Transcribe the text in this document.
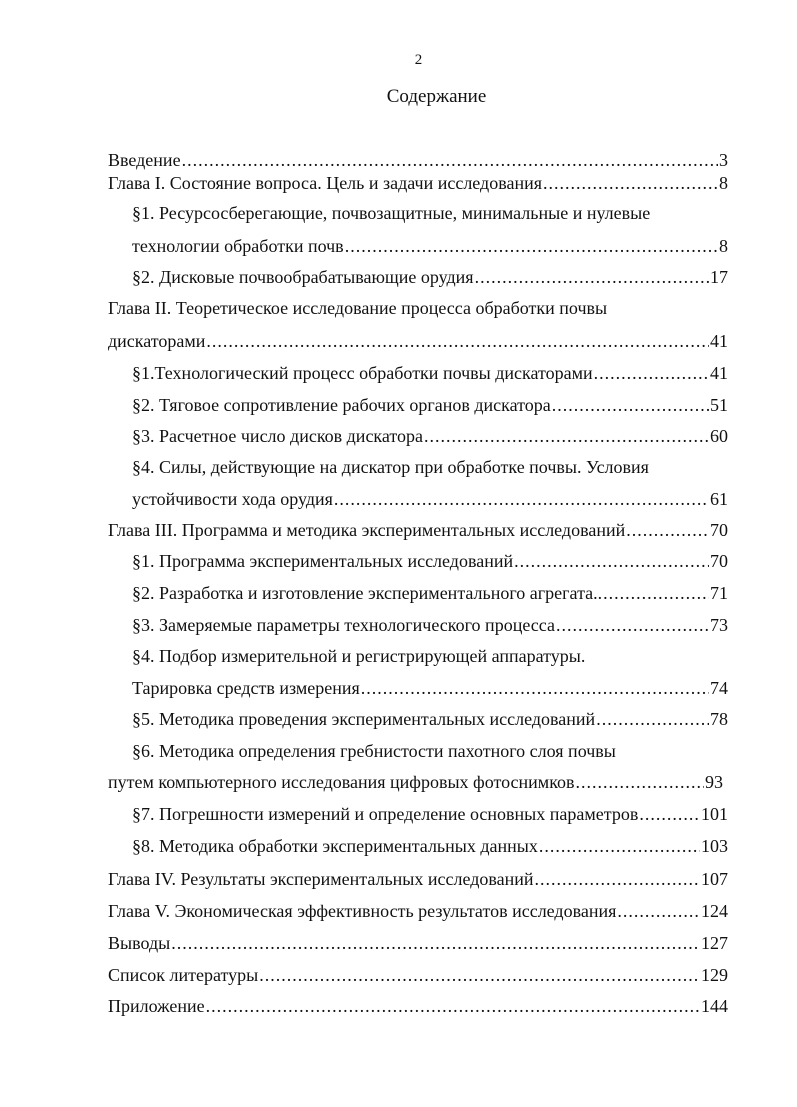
2
Содержание
Введение .....	3
Глава I. Состояние вопроса. Цель и задачи исследования .....	8
§1. Ресурсосберегающие, почвозащитные, минимальные и нулевые
технологии обработки почв .....	8
§2. Дисковые почвообрабатывающие орудия .....	17
Глава II. Теоретическое исследование процесса обработки почвы
дискаторами .....	41
§1.Технологический процесс обработки почвы дискаторами .....	41
§2. Тяговое сопротивление рабочих органов дискатора .....	51
§3. Расчетное число дисков дискатора .....	60
§4. Силы, действующие на дискатор при обработке почвы. Условия
устойчивости хода орудия .....	61
Глава III. Программа и методика экспериментальных исследований .....	70
§1. Программа экспериментальных исследований .....	70
§2. Разработка и изготовление экспериментального агрегата.. .....	71
§3. Замеряемые параметры технологического процесса .....	73
§4. Подбор измерительной и регистрирующей аппаратуры.
Тарировка средств измерения .....	74
§5. Методика проведения экспериментальных исследований .....	78
§6. Методика определения гребнистости пахотного слоя почвы
путем компьютерного исследования цифровых фотоснимков .....	93
§7. Погрешности измерений и определение основных параметров .....	101
§8. Методика обработки экспериментальных данных .....	103
Глава IV. Результаты экспериментальных исследований .....	107
Глава V. Экономическая эффективность результатов исследования .....	124
Выводы .....	127
Список литературы .....	129
Приложение .....	144
